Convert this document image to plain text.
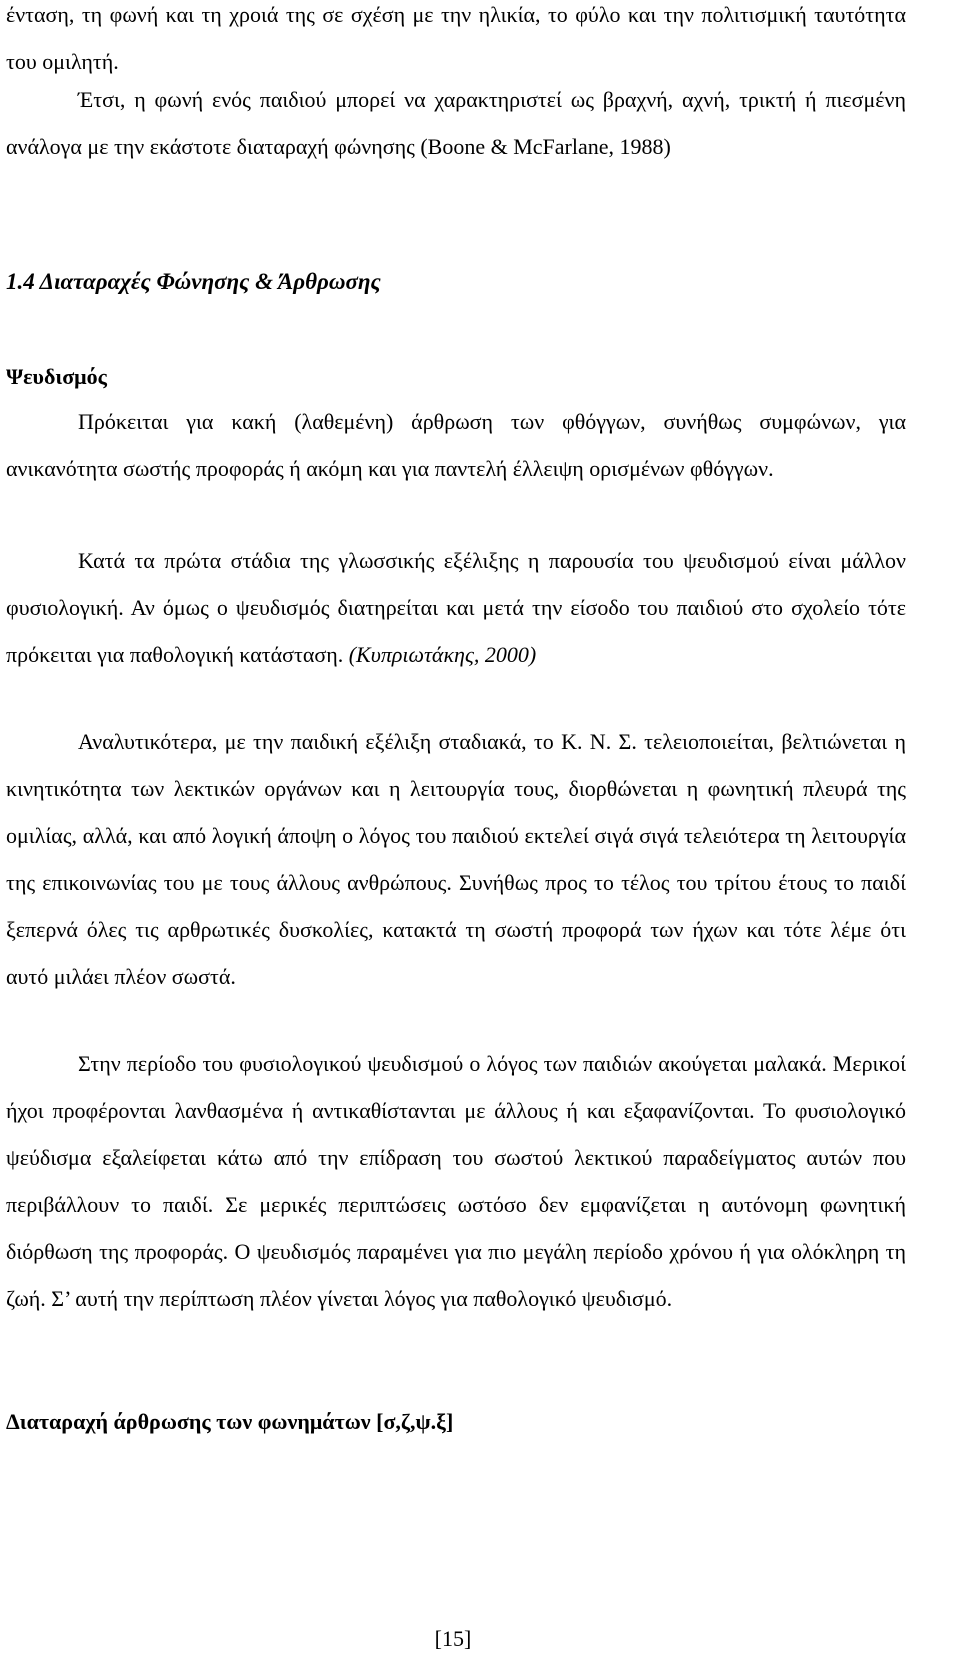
ένταση, τη φωνή και τη χροιά της σε σχέση με την ηλικία, το φύλο και την πολιτισμική ταυτότητα του ομιλητή.

Έτσι, η φωνή ενός παιδιού μπορεί να χαρακτηριστεί ως βραχνή, αχνή, τρικτή ή πιεσμένη ανάλογα με την εκάστοτε διαταραχή φώνησης (Boone & McFarlane, 1988)

1.4 Διαταραχές Φώνησης & Άρθρωσης

Ψευδισμός

Πρόκειται για κακή (λαθεμένη) άρθρωση των φθόγγων, συνήθως συμφώνων, για ανικανότητα σωστής προφοράς ή ακόμη και για παντελή έλλειψη ορισμένων φθόγγων.

Κατά τα πρώτα στάδια της γλωσσικής εξέλιξης η παρουσία του ψευδισμού είναι μάλλον φυσιολογική. Αν όμως ο ψευδισμός διατηρείται και μετά την είσοδο του παιδιού στο σχολείο τότε πρόκειται για παθολογική κατάσταση. (Κυπριωτάκης, 2000)

Αναλυτικότερα, με την παιδική εξέλιξη σταδιακά, το Κ. Ν. Σ. τελειοποιείται, βελτιώνεται η κινητικότητα των λεκτικών οργάνων και η λειτουργία τους, διορθώνεται η φωνητική πλευρά της ομιλίας, αλλά, και από λογική άποψη ο λόγος του παιδιού εκτελεί σιγά σιγά τελειότερα τη λειτουργία της επικοινωνίας του με τους άλλους ανθρώπους. Συνήθως προς το τέλος του τρίτου έτους το παιδί ξεπερνά όλες τις αρθρωτικές δυσκολίες, κατακτά τη σωστή προφορά των ήχων και τότε λέμε ότι αυτό μιλάει πλέον σωστά.

Στην περίοδο του φυσιολογικού ψευδισμού ο λόγος των παιδιών ακούγεται μαλακά. Μερικοί ήχοι προφέρονται λανθασμένα ή αντικαθίστανται με άλλους ή και εξαφανίζονται. Το φυσιολογικό ψεύδισμα εξαλείφεται κάτω από την επίδραση του σωστού λεκτικού παραδείγματος αυτών που περιβάλλουν το παιδί. Σε μερικές περιπτώσεις ωστόσο δεν εμφανίζεται η αυτόνομη φωνητική διόρθωση της προφοράς. Ο ψευδισμός παραμένει για πιο μεγάλη περίοδο χρόνου ή για ολόκληρη τη ζωή. Σ’ αυτή την περίπτωση πλέον γίνεται λόγος για παθολογικό ψευδισμό.

Διαταραχή άρθρωσης των φωνημάτων [σ,ζ,ψ.ξ]

[15]
